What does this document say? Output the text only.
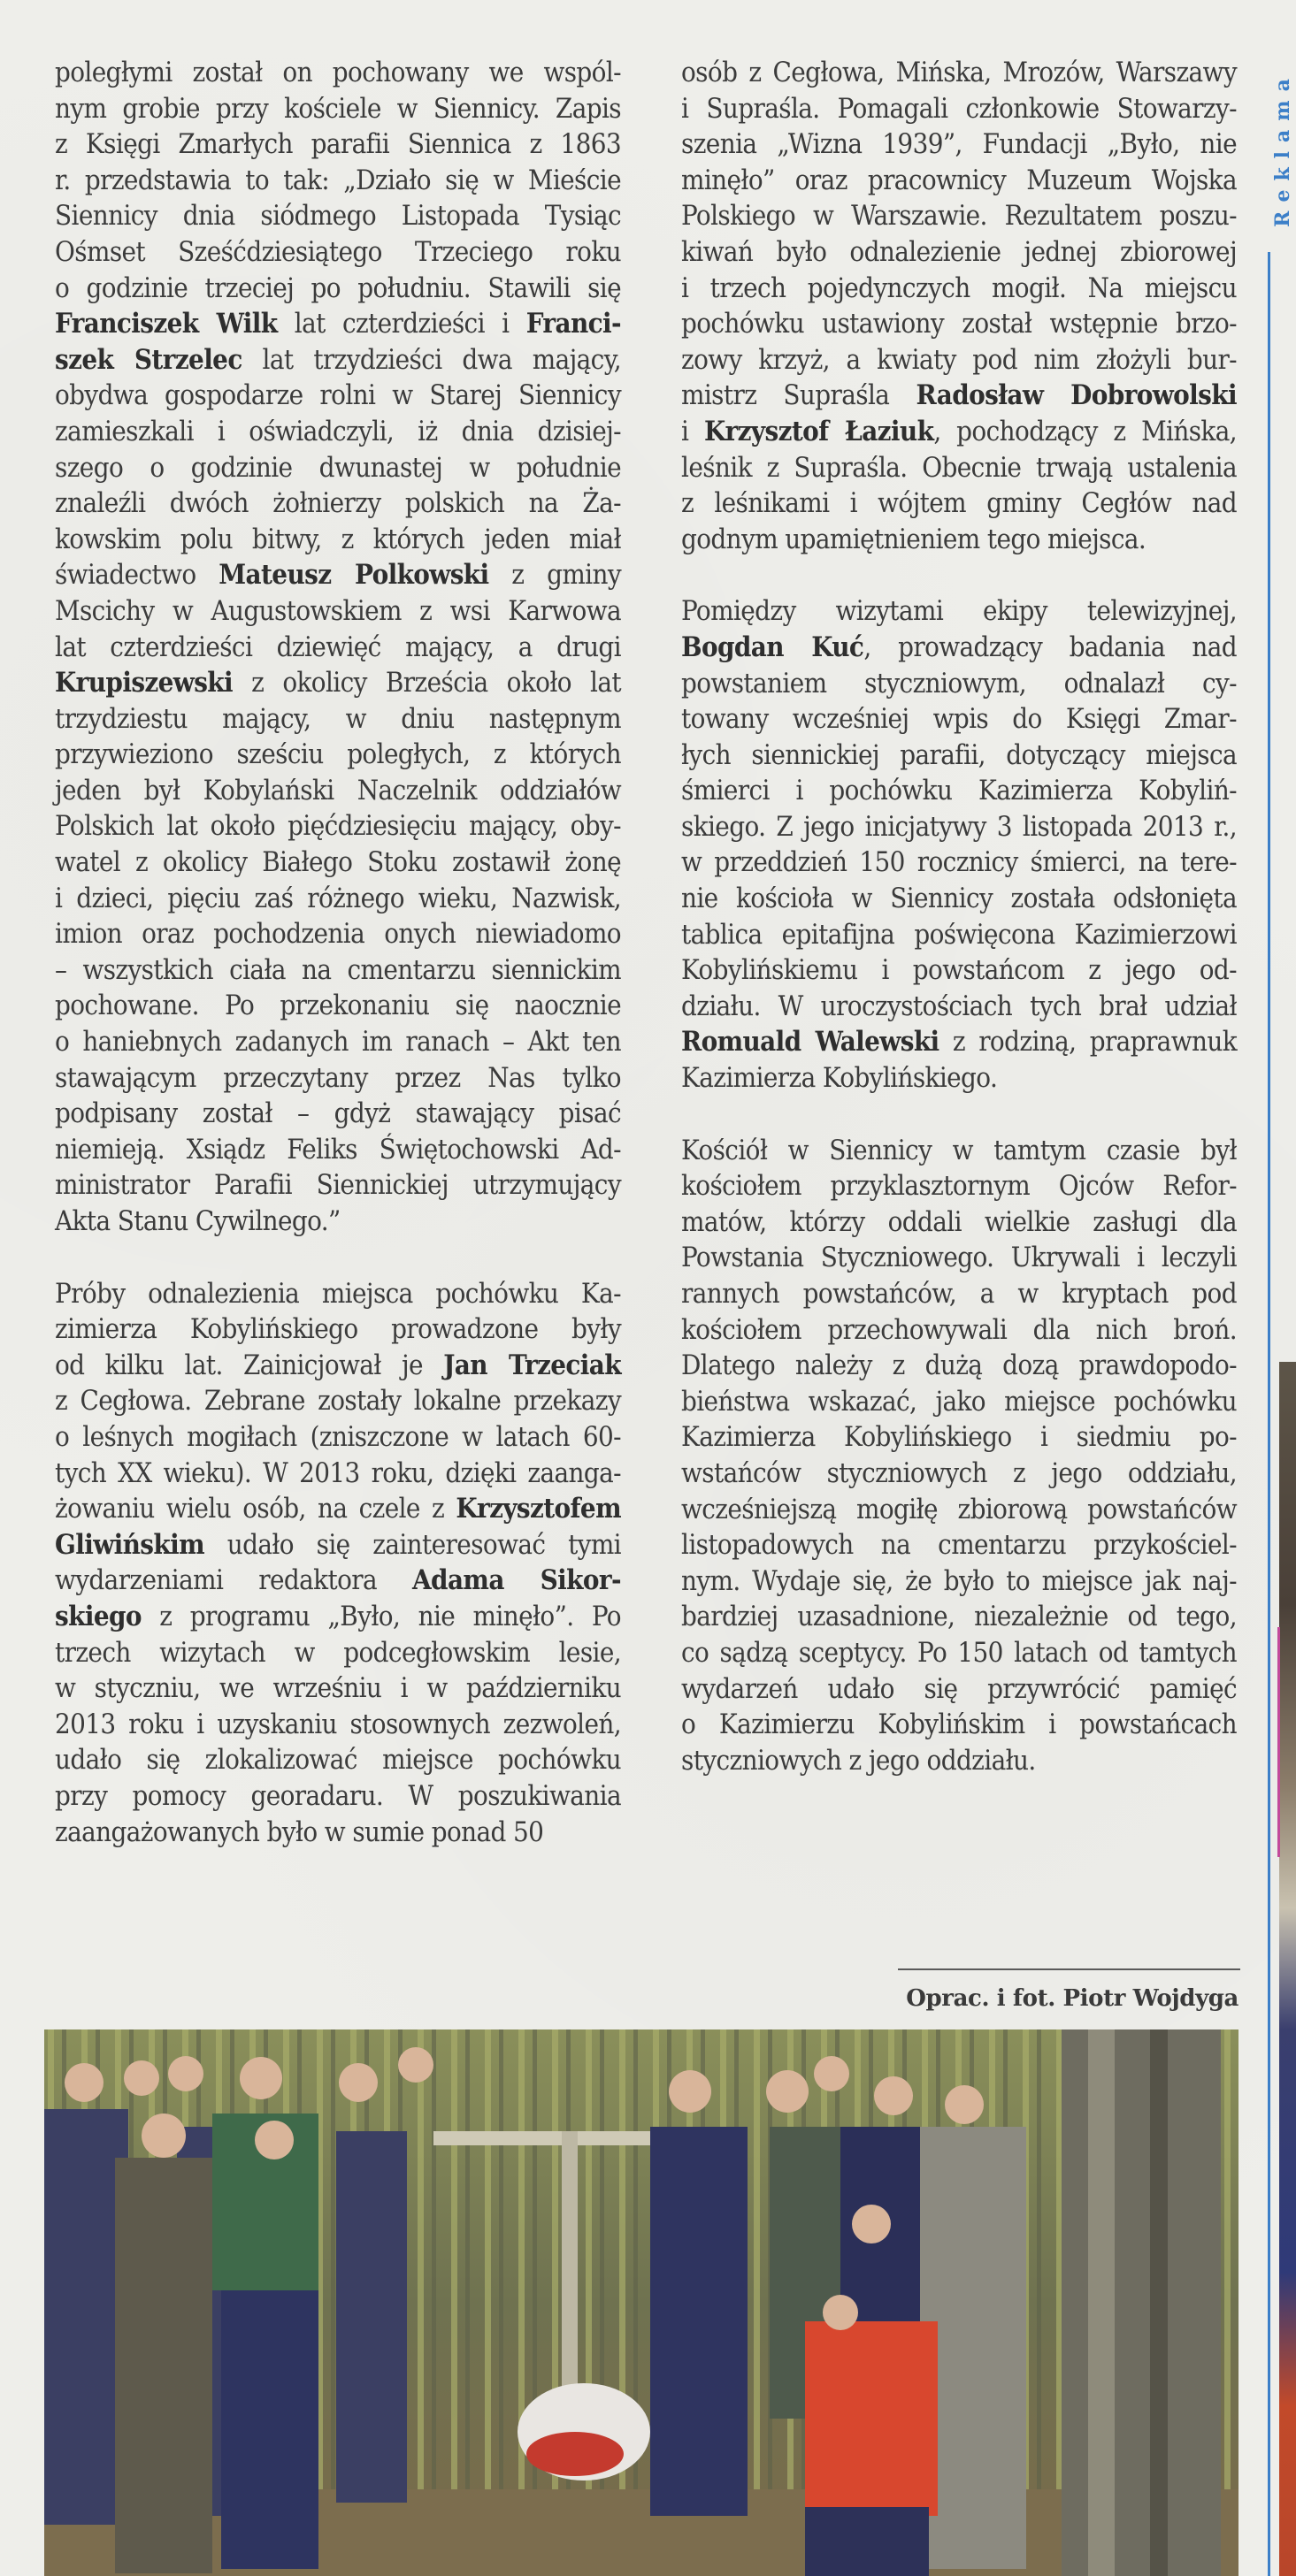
poległymi został on pochowany we wspól-
nym grobie przy kościele w Siennicy. Zapis
z Księgi Zmarłych parafii Siennica z 1863
r. przedstawia to tak: „Działo się w Mieście
Siennicy dnia siódmego Listopada Tysiąc
Ośmset Sześćdziesiątego Trzeciego roku
o godzinie trzeciej po południu. Stawili się
Franciszek Wilk lat czterdzieści i Franci-
szek Strzelec lat trzydzieści dwa mający,
obydwa gospodarze rolni w Starej Siennicy
zamieszkali i oświadczyli, iż dnia dzisiej-
szego o godzinie dwunastej w południe
znaleźli dwóch żołnierzy polskich na Ża-
kowskim polu bitwy, z których jeden miał
świadectwo Mateusz Polkowski z gminy
Mscichy w Augustowskiem z wsi Karwowa
lat czterdzieści dziewięć mający, a drugi
Krupiszewski z okolicy Brześcia około lat
trzydziestu mający, w dniu następnym
przywieziono sześciu poległych, z których
jeden był Kobylański Naczelnik oddziałów
Polskich lat około pięćdziesięciu mający, oby-
watel z okolicy Białego Stoku zostawił żonę
i dzieci, pięciu zaś różnego wieku, Nazwisk,
imion oraz pochodzenia onych niewiadomo
– wszystkich ciała na cmentarzu siennickim
pochowane. Po przekonaniu się naocznie
o haniebnych zadanych im ranach – Akt ten
stawającym przeczytany przez Nas tylko
podpisany został – gdyż stawający pisać
niemieją. Xsiądz Feliks Świętochowski Ad-
ministrator Parafii Siennickiej utrzymujący
Akta Stanu Cywilnego.”

Próby odnalezienia miejsca pochówku Ka-
zimierza Kobylińskiego prowadzone były
od kilku lat. Zainicjował je Jan Trzeciak
z Cegłowa. Zebrane zostały lokalne przekazy
o leśnych mogiłach (zniszczone w latach 60-
tych XX wieku). W 2013 roku, dzięki zaanga-
żowaniu wielu osób, na czele z Krzysztofem
Gliwińskim udało się zainteresować tymi
wydarzeniami redaktora Adama Sikor-
skiego z programu „Było, nie minęło”. Po
trzech wizytach w podcegłowskim lesie,
w styczniu, we wrześniu i w październiku
2013 roku i uzyskaniu stosownych zezwoleń,
udało się zlokalizować miejsce pochówku
przy pomocy georadaru. W poszukiwania
zaangażowanych było w sumie ponad 50

osób z Cegłowa, Mińska, Mrozów, Warszawy
i Supraśla. Pomagali członkowie Stowarzy-
szenia „Wizna 1939”, Fundacji „Było, nie
minęło” oraz pracownicy Muzeum Wojska
Polskiego w Warszawie. Rezultatem poszu-
kiwań było odnalezienie jednej zbiorowej
i trzech pojedynczych mogił. Na miejscu
pochówku ustawiony został wstępnie brzo-
zowy krzyż, a kwiaty pod nim złożyli bur-
mistrz Supraśla Radosław Dobrowolski
i Krzysztof Łaziuk, pochodzący z Mińska,
leśnik z Supraśla. Obecnie trwają ustalenia
z leśnikami i wójtem gminy Cegłów nad
godnym upamiętnieniem tego miejsca.

Pomiędzy wizytami ekipy telewizyjnej,
Bogdan Kuć, prowadzący badania nad
powstaniem styczniowym, odnalazł cy-
towany wcześniej wpis do Księgi Zmar-
łych siennickiej parafii, dotyczący miejsca
śmierci i pochówku Kazimierza Kobyliń-
skiego. Z jego inicjatywy 3 listopada 2013 r.,
w przeddzień 150 rocznicy śmierci, na tere-
nie kościoła w Siennicy została odsłonięta
tablica epitafijna poświęcona Kazimierzowi
Kobylińskiemu i powstańcom z jego od-
działu. W uroczystościach tych brał udział
Romuald Walewski z rodziną, praprawnuk
Kazimierza Kobylińskiego.

Kościół w Siennicy w tamtym czasie był
kościołem przyklasztornym Ojców Refor-
matów, którzy oddali wielkie zasługi dla
Powstania Styczniowego. Ukrywali i leczyli
rannych powstańców, a w kryptach pod
kościołem przechowywali dla nich broń.
Dlatego należy z dużą dozą prawdopodo-
bieństwa wskazać, jako miejsce pochówku
Kazimierza Kobylińskiego i siedmiu po-
wstańców styczniowych z jego oddziału,
wcześniejszą mogiłę zbiorową powstańców
listopadowych na cmentarzu przykościel-
nym. Wydaje się, że było to miejsce jak naj-
bardziej uzasadnione, niezależnie od tego,
co sądzą sceptycy. Po 150 latach od tamtych
wydarzeń udało się przywrócić pamięć
o Kazimierzu Kobylińskim i powstańcach
styczniowych z jego oddziału.

Reklama
Oprac. i fot. Piotr Wojdyga
